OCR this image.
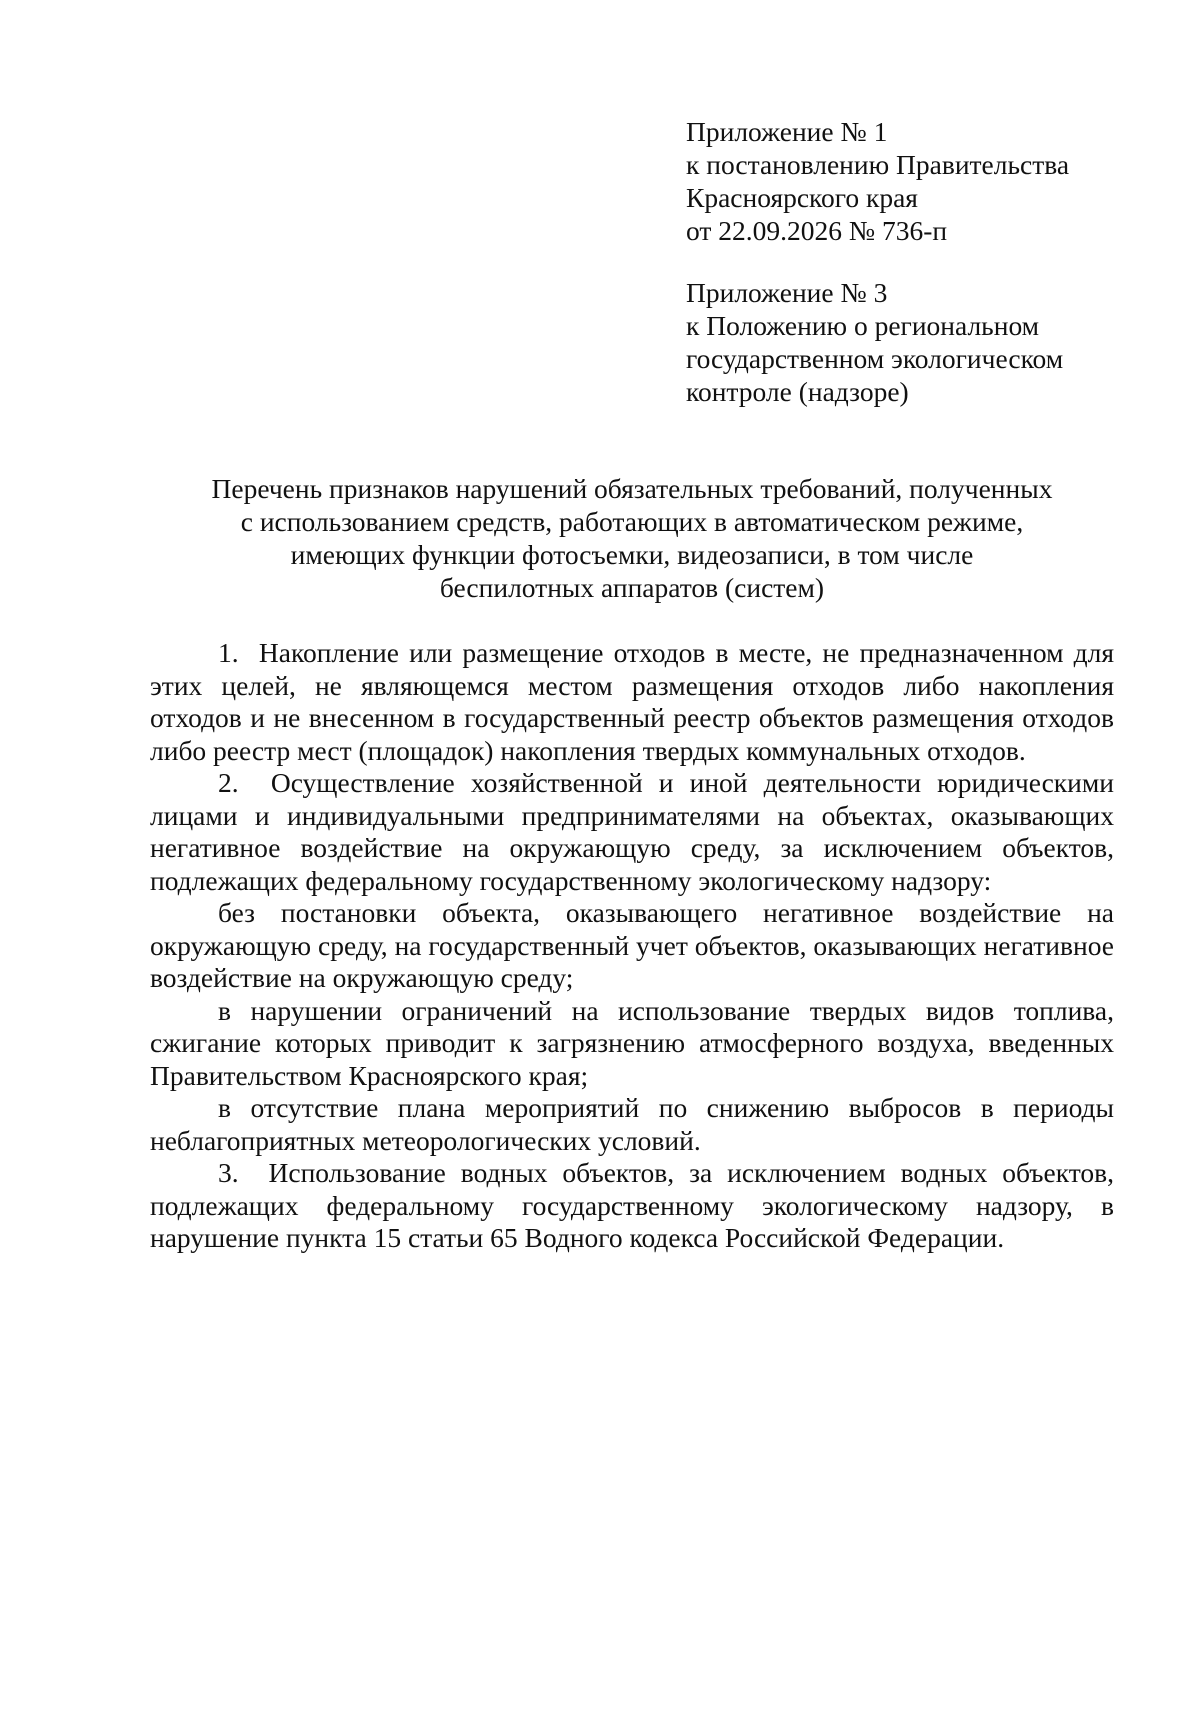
Приложение № 1
к постановлению Правительства
Красноярского края
от 22.09.2026 № 736-п
Приложение № 3
к Положению о региональном
государственном экологическом
контроле (надзоре)
Перечень признаков нарушений обязательных требований, полученных
с использованием средств, работающих в автоматическом режиме,
имеющих функции фотосъемки, видеозаписи, в том числе
беспилотных аппаратов (систем)

1.  Накопление или размещение отходов в месте, не предназначенном для этих целей, не являющемся местом размещения отходов либо накопления отходов и не внесенном в государственный реестр объектов размещения отходов либо реестр мест (площадок) накопления твердых коммунальных отходов.

2.  Осуществление хозяйственной и иной деятельности юридическими лицами и индивидуальными предпринимателями на объектах, оказывающих негативное воздействие на окружающую среду, за исключением объектов, подлежащих федеральному государственному экологическому надзору:

без постановки объекта, оказывающего негативное воздействие на окружающую среду, на государственный учет объектов, оказывающих негативное воздействие на окружающую среду;

в нарушении ограничений на использование твердых видов топлива, сжигание которых приводит к загрязнению атмосферного воздуха, введенных Правительством Красноярского края;

в отсутствие плана мероприятий по снижению выбросов в периоды неблагоприятных метеорологических условий.

3.  Использование водных объектов, за исключением водных объектов, подлежащих федеральному государственному экологическому надзору, в нарушение пункта 15 статьи 65 Водного кодекса Российской Федерации.
